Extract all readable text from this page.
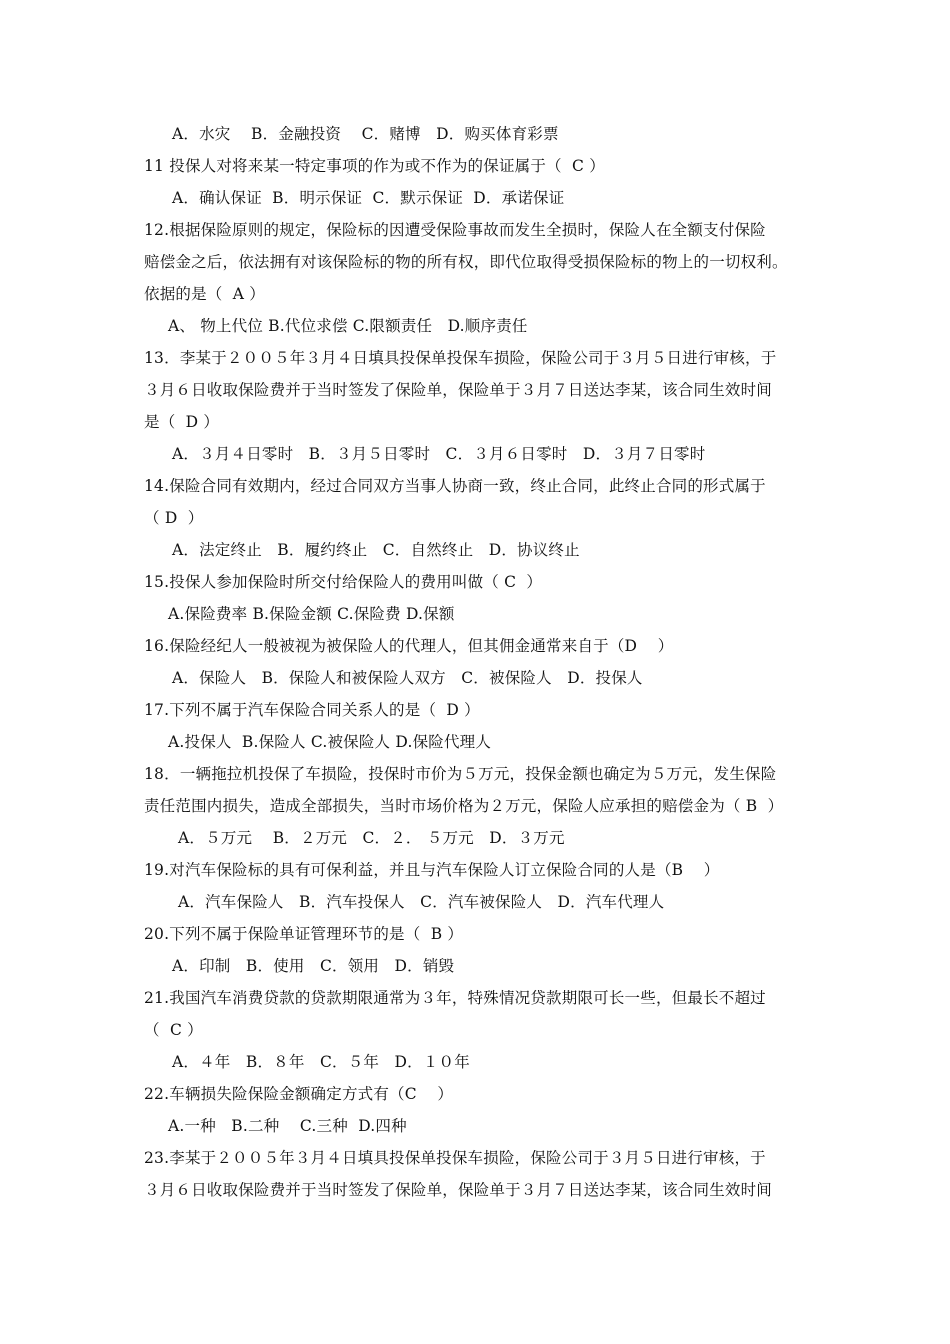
A．水灾    B．金融投资    C．赌博   D．购买体育彩票
11 投保人对将来某一特定事项的作为或不作为的保证属于（  C ）
A．确认保证  B．明示保证  C．默示保证  D．承诺保证
12.根据保险原则的规定，保险标的因遭受保险事故而发生全损时，保险人在全额支付保险
赔偿金之后，依法拥有对该保险标的物的所有权，即代位取得受损保险标的物上的一切权利。
依据的是（  A ）
A、 物上代位 B.代位求偿 C.限额责任   D.顺序责任
13．李某于２００５年３月４日填具投保单投保车损险，保险公司于３月５日进行审核，于
３月６日收取保险费并于当时签发了保险单，保险单于３月７日送达李某，该合同生效时间
是（  D ）
A．３月４日零时   B．３月５日零时   C．３月６日零时   D．３月７日零时
14.保险合同有效期内，经过合同双方当事人协商一致，终止合同，此终止合同的形式属于
（ D  ）
A．法定终止   B．履约终止   C．自然终止   D．协议终止
15.投保人参加保险时所交付给保险人的费用叫做（ C  ）
A.保险费率 B.保险金额 C.保险费 D.保额
16.保险经纪人一般被视为被保险人的代理人，但其佣金通常来自于（D    ）
A．保险人   B．保险人和被保险人双方   C．被保险人   D．投保人
17.下列不属于汽车保险合同关系人的是（  D ）
A.投保人  B.保险人 C.被保险人 D.保险代理人
18．一辆拖拉机投保了车损险，投保时市价为５万元，投保金额也确定为５万元，发生保险
责任范围内损失，造成全部损失，当时市场价格为２万元，保险人应承担的赔偿金为（ B  ）
A．５万元    B．２万元   C．２． ５万元   D．３万元
19.对汽车保险标的具有可保利益，并且与汽车保险人订立保险合同的人是（B    ）
A．汽车保险人   B．汽车投保人   C．汽车被保险人   D．汽车代理人
20.下列不属于保险单证管理环节的是（  B ）
A．印制   B．使用   C．领用   D．销毁
21.我国汽车消费贷款的贷款期限通常为３年，特殊情况贷款期限可长一些，但最长不超过
（  C ）
A．４年   B．８年   C．５年   D．１０年
22.车辆损失险保险金额确定方式有（C    ）
A.一种   B.二种    C.三种  D.四种
23.李某于２００５年３月４日填具投保单投保车损险，保险公司于３月５日进行审核，于
３月６日收取保险费并于当时签发了保险单，保险单于３月７日送达李某，该合同生效时间
